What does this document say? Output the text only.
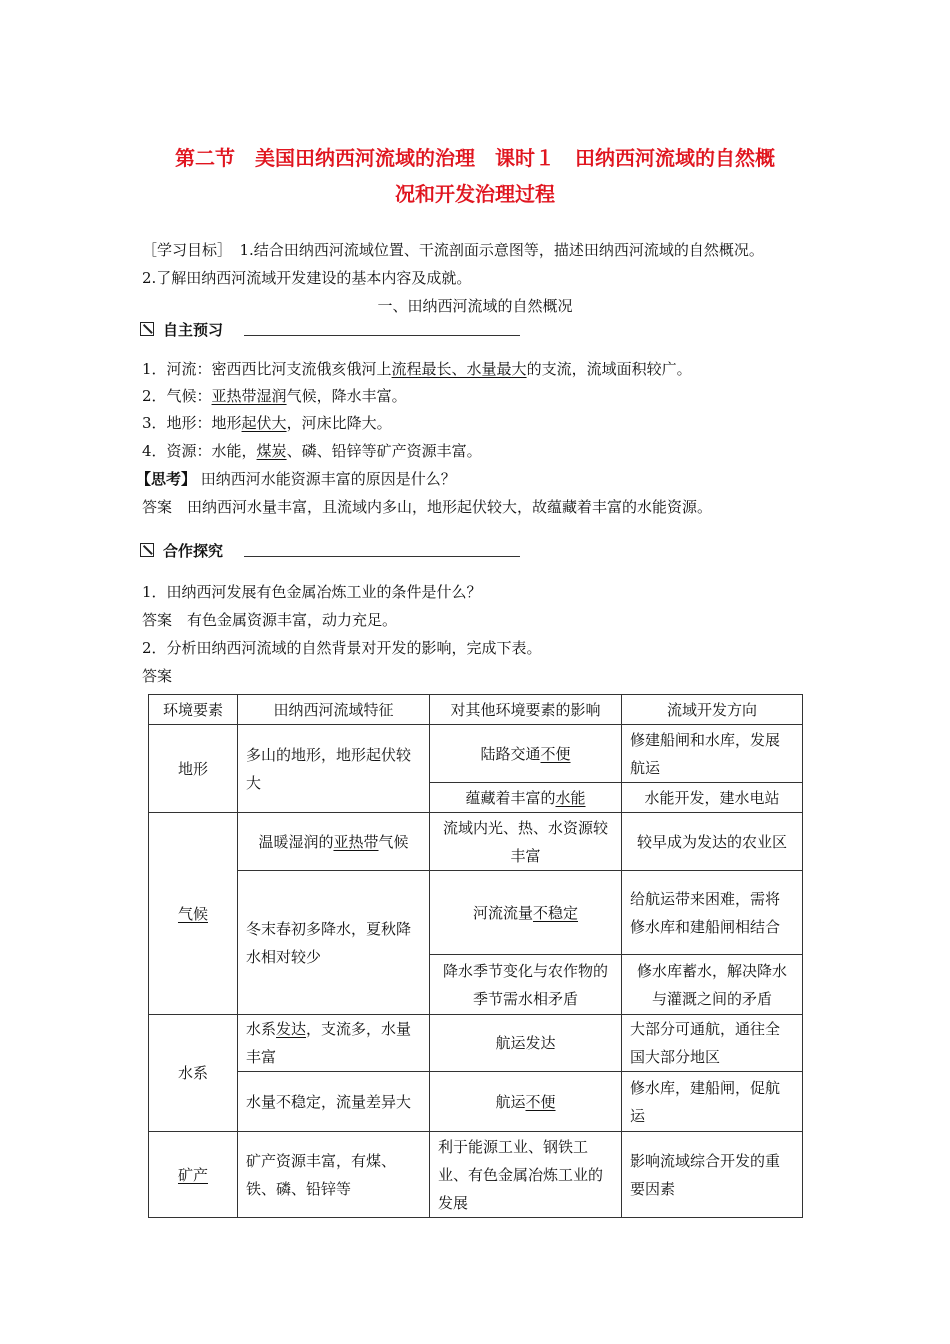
第二节　美国田纳西河流域的治理　课时１　田纳西河流域的自然概
况和开发治理过程
［学习目标］　1.结合田纳西河流域位置、干流剖面示意图等，描述田纳西河流域的自然概况。
2.了解田纳西河流域开发建设的基本内容及成就。
一、田纳西河流域的自然概况
自主预习
1．河流：密西西比河支流俄亥俄河上流程最长、水量最大的支流，流域面积较广。
2．气候：亚热带湿润气候，降水丰富。
3．地形：地形起伏大，河床比降大。
4．资源：水能，煤炭、磷、铅锌等矿产资源丰富。
【思考】 田纳西河水能资源丰富的原因是什么？
答案　田纳西河水量丰富，且流域内多山，地形起伏较大，故蕴藏着丰富的水能资源。
合作探究
1．田纳西河发展有色金属冶炼工业的条件是什么？
答案　有色金属资源丰富，动力充足。
2．分析田纳西河流域的自然背景对开发的影响，完成下表。
答案
环境要素	田纳西河流域特征	对其他环境要素的影响	流域开发方向
地形	多山的地形，地形起伏较大	陆路交通不便	修建船闸和水库，发展航运
		蕴藏着丰富的水能	水能开发，建水电站
气候	温暖湿润的亚热带气候	流域内光、热、水资源较丰富	较早成为发达的农业区
	冬末春初多降水，夏秋降水相对较少	河流流量不稳定	给航运带来困难，需将修水库和建船闸相结合
		降水季节变化与农作物的季节需水相矛盾	修水库蓄水，解决降水与灌溉之间的矛盾
水系	水系发达，支流多，水量丰富	航运发达	大部分可通航，通往全国大部分地区
	水量不稳定，流量差异大	航运不便	修水库，建船闸，促航运
矿产	矿产资源丰富，有煤、铁、磷、铅锌等	利于能源工业、钢铁工业、有色金属冶炼工业的发展	影响流域综合开发的重要因素
